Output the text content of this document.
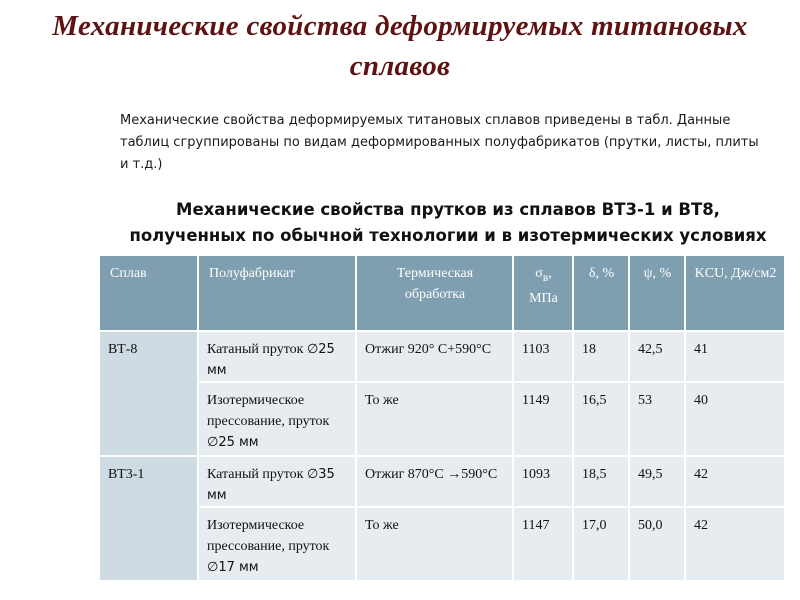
Механические свойства деформируемых титановых сплавов

Механические свойства деформируемых титановых сплавов приведены в табл. Данные таблиц сгруппированы по видам деформированных полуфабрикатов (прутки, листы, плиты и т.д.)

Механические свойства прутков из сплавов ВТ3-1 и ВТ8, полученных по обычной технологии и в изотермических условиях

Сплав	Полуфабрикат	Термическая обработка	$\sigma_в$, МПа	δ, %	ψ, %	KCU, Дж/см2
ВТ-8	Катаный пруток ∅25 мм	Отжиг 920° С+590°С	1103	18	42,5	41
	Изотермическое прессование, пруток ∅25 мм	То же	1149	16,5	53	40
ВТ3-1	Катаный пруток ∅35 мм	Отжиг 870°С →590°С	1093	18,5	49,5	42
	Изотермическое прессование, пруток ∅17 мм	То же	1147	17,0	50,0	42
